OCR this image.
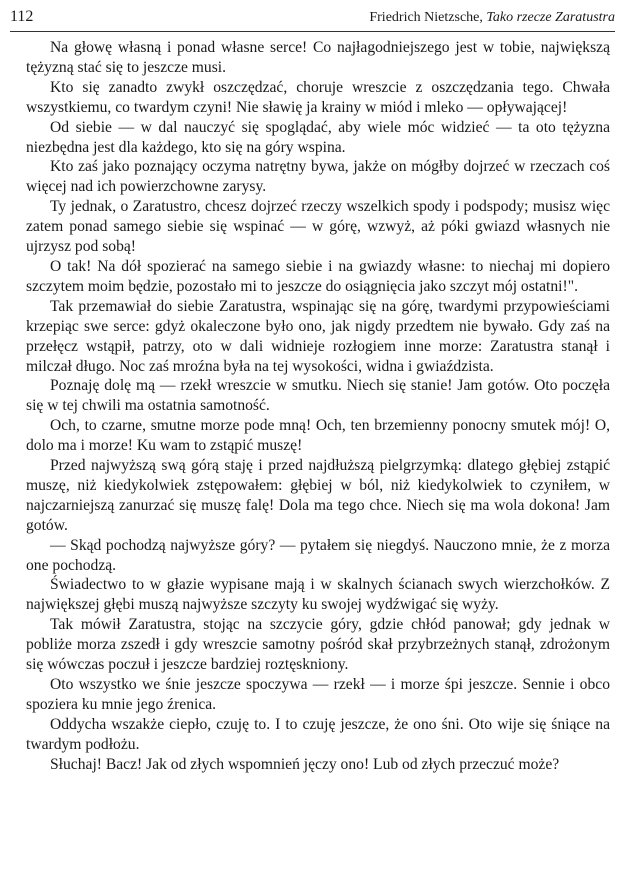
112	Friedrich Nietzsche, Tako rzecze Zaratustra

Na głowę własną i ponad własne serce! Co najłagodniejszego jest w tobie, największą tężyzną stać się to jeszcze musi.

Kto się zanadto zwykł oszczędzać, choruje wreszcie z oszczędzania tego. Chwała wszystkiemu, co twardym czyni! Nie sławię ja krainy w miód i mleko — opływającej!

Od siebie — w dal nauczyć się spoglądać, aby wiele móc widzieć — ta oto tężyzna niezbędna jest dla każdego, kto się na góry wspina.

Kto zaś jako poznający oczyma natrętny bywa, jakże on mógłby dojrzeć w rzeczach coś więcej nad ich powierzchowne zarysy.

Ty jednak, o Zaratustro, chcesz dojrzeć rzeczy wszelkich spody i podspody; musisz więc zatem ponad samego siebie się wspinać — w górę, wzwyż, aż póki gwiazd własnych nie ujrzysz pod sobą!

O tak! Na dół spozierać na samego siebie i na gwiazdy własne: to niechaj mi dopiero szczytem moim będzie, pozostało mi to jeszcze do osiągnięcia jako szczyt mój ostatni!".

Tak przemawiał do siebie Zaratustra, wspinając się na górę, twardymi przypowieściami krzepiąc swe serce: gdyż okaleczone było ono, jak nigdy przedtem nie bywało. Gdy zaś na przełęcz wstąpił, patrzy, oto w dali widnieje rozłogiem inne morze: Zaratustra stanął i milczał długo. Noc zaś mroźna była na tej wysokości, widna i gwiaździsta.

Poznaję dolę mą — rzekł wreszcie w smutku. Niech się stanie! Jam gotów. Oto poczęła się w tej chwili ma ostatnia samotność.

Och, to czarne, smutne morze pode mną! Och, ten brzemienny ponocny smutek mój! O, dolo ma i morze! Ku wam to zstąpić muszę!

Przed najwyższą swą górą staję i przed najdłuższą pielgrzymką: dlatego głębiej zstąpić muszę, niż kiedykolwiek zstępowałem: głębiej w ból, niż kiedykolwiek to czyniłem, w najczarniejszą zanurzać się muszę falę! Dola ma tego chce. Niech się ma wola dokona! Jam gotów.

— Skąd pochodzą najwyższe góry? — pytałem się niegdyś. Nauczono mnie, że z morza one pochodzą.

Świadectwo to w głazie wypisane mają i w skalnych ścianach swych wierzchołków. Z największej głębi muszą najwyższe szczyty ku swojej wydźwigać się wyży.

Tak mówił Zaratustra, stojąc na szczycie góry, gdzie chłód panował; gdy jednak w pobliże morza zszedł i gdy wreszcie samotny pośród skał przybrzeżnych stanął, zdrożonym się wówczas poczuł i jeszcze bardziej roztęskniony.

Oto wszystko we śnie jeszcze spoczywa — rzekł — i morze śpi jeszcze. Sennie i obco spoziera ku mnie jego źrenica.

Oddycha wszakże ciepło, czuję to. I to czuję jeszcze, że ono śni. Oto wije się śniące na twardym podłożu.

Słuchaj! Bacz! Jak od złych wspomnień jęczy ono! Lub od złych przeczuć może?
